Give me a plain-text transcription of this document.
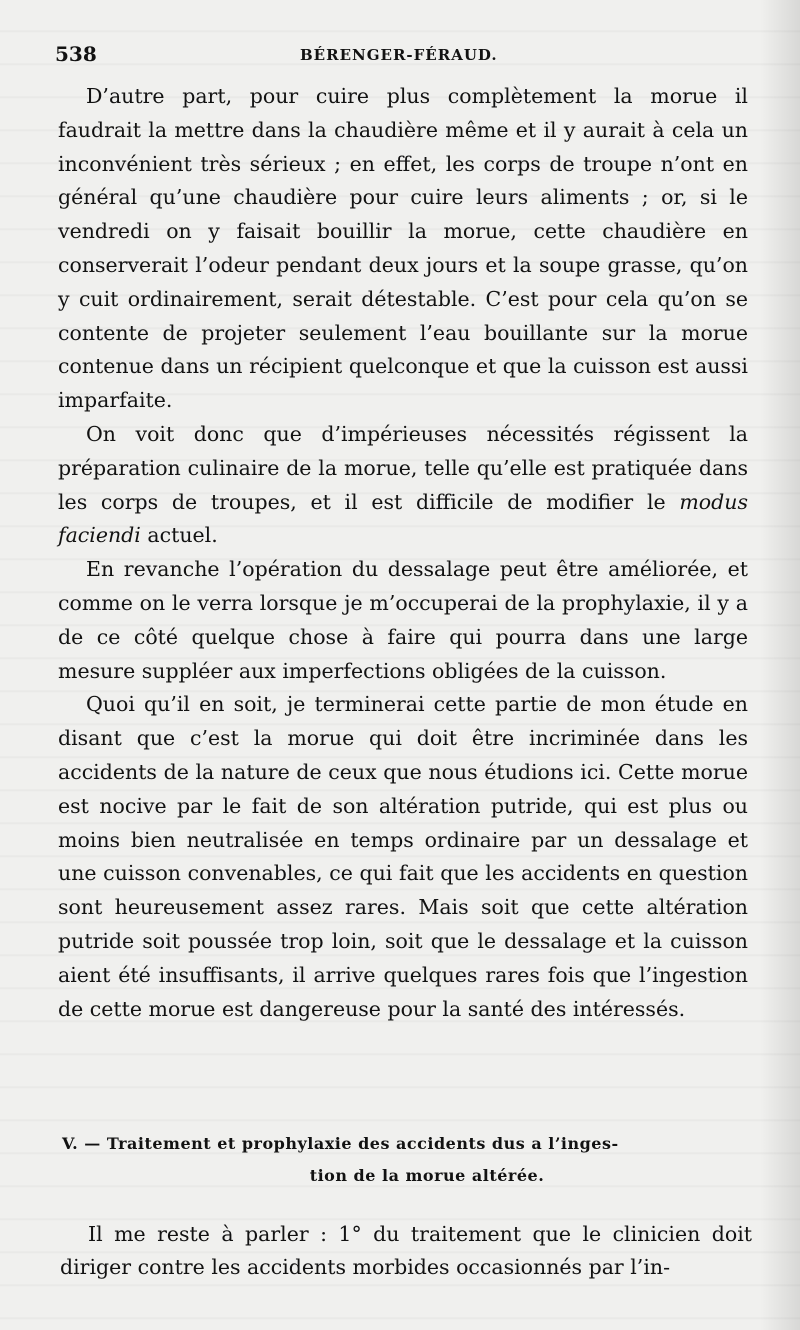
538	BÉRENGER-FÉRAUD.

D’autre part, pour cuire plus complètement la morue il faudrait la mettre dans la chaudière même et il y aurait à cela un inconvénient très sérieux ; en effet, les corps de troupe n’ont en général qu’une chaudière pour cuire leurs aliments ; or, si le vendredi on y faisait bouillir la morue, cette chaudière en conserverait l’odeur pendant deux jours et la soupe grasse, qu’on y cuit ordinairement, serait détestable. C’est pour cela qu’on se contente de projeter seulement l’eau bouillante sur la morue contenue dans un récipient quelconque et que la cuisson est aussi imparfaite.

On voit donc que d’impérieuses nécessités régissent la préparation culinaire de la morue, telle qu’elle est pratiquée dans les corps de troupes, et il est difficile de modifier le modus faciendi actuel.

En revanche l’opération du dessalage peut être améliorée, et comme on le verra lorsque je m’occuperai de la prophylaxie, il y a de ce côté quelque chose à faire qui pourra dans une large mesure suppléer aux imperfections obligées de la cuisson.

Quoi qu’il en soit, je terminerai cette partie de mon étude en disant que c’est la morue qui doit être incriminée dans les accidents de la nature de ceux que nous étudions ici. Cette morue est nocive par le fait de son altération putride, qui est plus ou moins bien neutralisée en temps ordinaire par un dessalage et une cuisson convenables, ce qui fait que les accidents en question sont heureusement assez rares. Mais soit que cette altération putride soit poussée trop loin, soit que le dessalage et la cuisson aient été insuffisants, il arrive quelques rares fois que l’ingestion de cette morue est dangereuse pour la santé des intéressés.

V. — Traitement et prophylaxie des accidents dus a l’inges-
tion de la morue altérée.

Il me reste à parler : 1° du traitement que le clinicien doit diriger contre les accidents morbides occasionnés par l’in-
